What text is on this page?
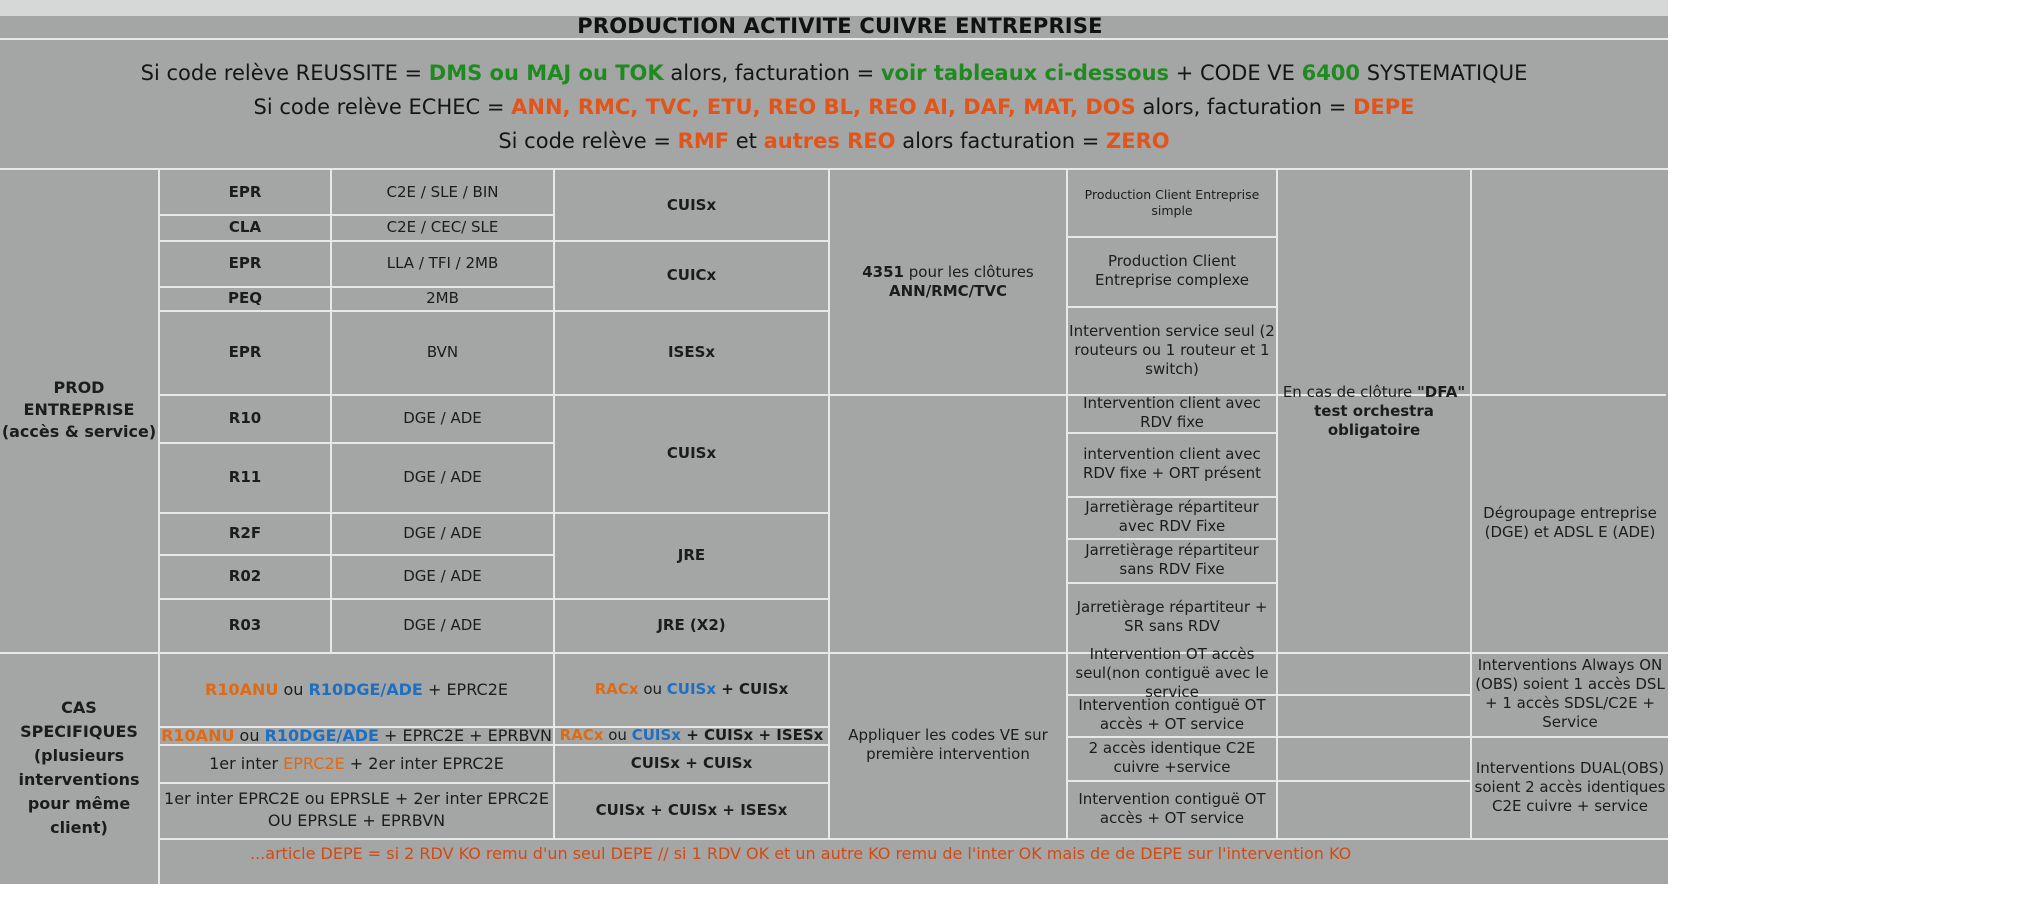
PRODUCTION ACTIVITE CUIVRE ENTREPRISE
Si code relève REUSSITE = DMS ou MAJ ou TOK alors, facturation = voir tableaux ci-dessous + CODE VE 6400 SYSTEMATIQUE
Si code relève ECHEC = ANN, RMC, TVC, ETU, REO BL, REO AI, DAF, MAT, DOS alors, facturation = DEPE
Si code relève = RMF et autres REO alors facturation = ZERO
PROD ENTREPRISE (accès & service)
CAS SPECIFIQUES (plusieurs interventions pour même client)
EPR
CLA
EPR
PEQ
EPR
R10
R11
R2F
R02
R03
C2E / SLE / BIN
C2E / CEC/ SLE
LLA / TFI / 2MB
2MB
BVN
DGE / ADE
DGE / ADE
DGE / ADE
DGE / ADE
DGE / ADE
CUISx
CUICx
ISESx
CUISx
JRE
JRE (X2)
4351 pour les clôtures
ANN/RMC/TVC
Appliquer les codes VE sur première intervention
Production Client Entreprise simple
Production Client Entreprise complexe
Intervention service seul (2 routeurs ou 1 routeur et 1 switch)
Intervention client avec RDV fixe
intervention client avec RDV fixe + ORT présent
Jarretièrage répartiteur avec RDV Fixe
Jarretièrage répartiteur sans RDV Fixe
Jarretièrage répartiteur + SR sans RDV
Intervention OT accès seul(non contiguë avec le service
Intervention contiguë OT accès + OT service
2 accès identique C2E cuivre +service
Intervention contiguë OT accès + OT service
En cas de clôture "DFA"
test orchestra obligatoire
Dégroupage entreprise (DGE) et ADSL E (ADE)
Interventions Always ON (OBS) soient 1 accès DSL + 1 accès SDSL/C2E + Service
Interventions DUAL(OBS) soient 2 accès identiques C2E cuivre + service
R10ANU ou R10DGE/ADE + EPRC2E	RACx ou CUISx + CUISx
R10ANU ou R10DGE/ADE + EPRC2E + EPRBVN RACx ou CUISx + CUISx + ISESx
1er inter EPRC2E + 2er inter EPRC2E	CUISx + CUISx
1er inter EPRC2E ou EPRSLE + 2er inter EPRC2E OU EPRSLE + EPRBVN
CUISx + CUISx + ISESx
...article DEPE = si 2 RDV KO remu d'un seul DEPE // si 1 RDV OK et un autre KO remu de l'inter OK mais de de DEPE sur l'intervention KO
